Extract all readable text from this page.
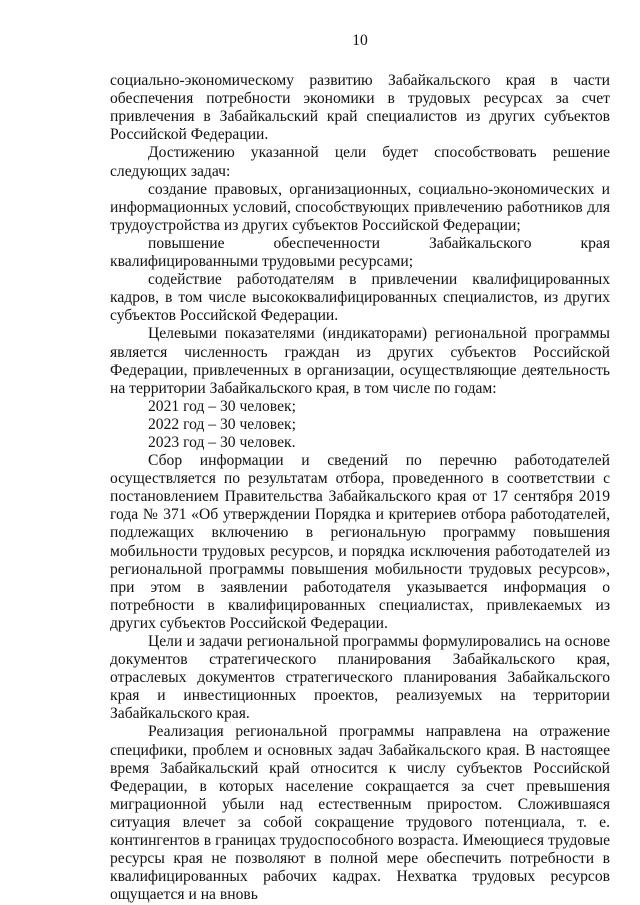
10

социально-экономическому развитию Забайкальского края в части обеспечения потребности экономики в трудовых ресурсах за счет привлечения в Забайкальский край специалистов из других субъектов Российской Федерации.

Достижению указанной цели будет способствовать решение следующих задач:

создание правовых, организационных, социально-экономических и информационных условий, способствующих привлечению работников для трудоустройства из других субъектов Российской Федерации;

повышение обеспеченности Забайкальского края квалифицированными трудовыми ресурсами;

содействие работодателям в привлечении квалифицированных кадров, в том числе высококвалифицированных специалистов, из других субъектов Российской Федерации.

Целевыми показателями (индикаторами) региональной программы является численность граждан из других субъектов Российской Федерации, привлеченных в организации, осуществляющие деятельность на территории Забайкальского края, в том числе по годам:

2021 год – 30 человек;

2022 год – 30 человек;

2023 год – 30 человек.

Сбор информации и сведений по перечню работодателей осуществляется по результатам отбора, проведенного в соответствии с постановлением Правительства Забайкальского края от 17 сентября 2019 года № 371 «Об утверждении Порядка и критериев отбора работодателей, подлежащих включению в региональную программу повышения мобильности трудовых ресурсов, и порядка исключения работодателей из региональной программы повышения мобильности трудовых ресурсов», при этом в заявлении работодателя указывается информация о потребности в квалифицированных специалистах, привлекаемых из других субъектов Российской Федерации.

Цели и задачи региональной программы формулировались на основе документов стратегического планирования Забайкальского края, отраслевых документов стратегического планирования Забайкальского края и инвестиционных проектов, реализуемых на территории Забайкальского края.

Реализация региональной программы направлена на отражение специфики, проблем и основных задач Забайкальского края. В настоящее время Забайкальский край относится к числу субъектов Российской Федерации, в которых население сокращается за счет превышения миграционной убыли над естественным приростом. Сложившаяся ситуация влечет за собой сокращение трудового потенциала, т. е. контингентов в границах трудоспособного возраста. Имеющиеся трудовые ресурсы края не позволяют в полной мере обеспечить потребности в квалифицированных рабочих кадрах. Нехватка трудовых ресурсов ощущается и на вновь
